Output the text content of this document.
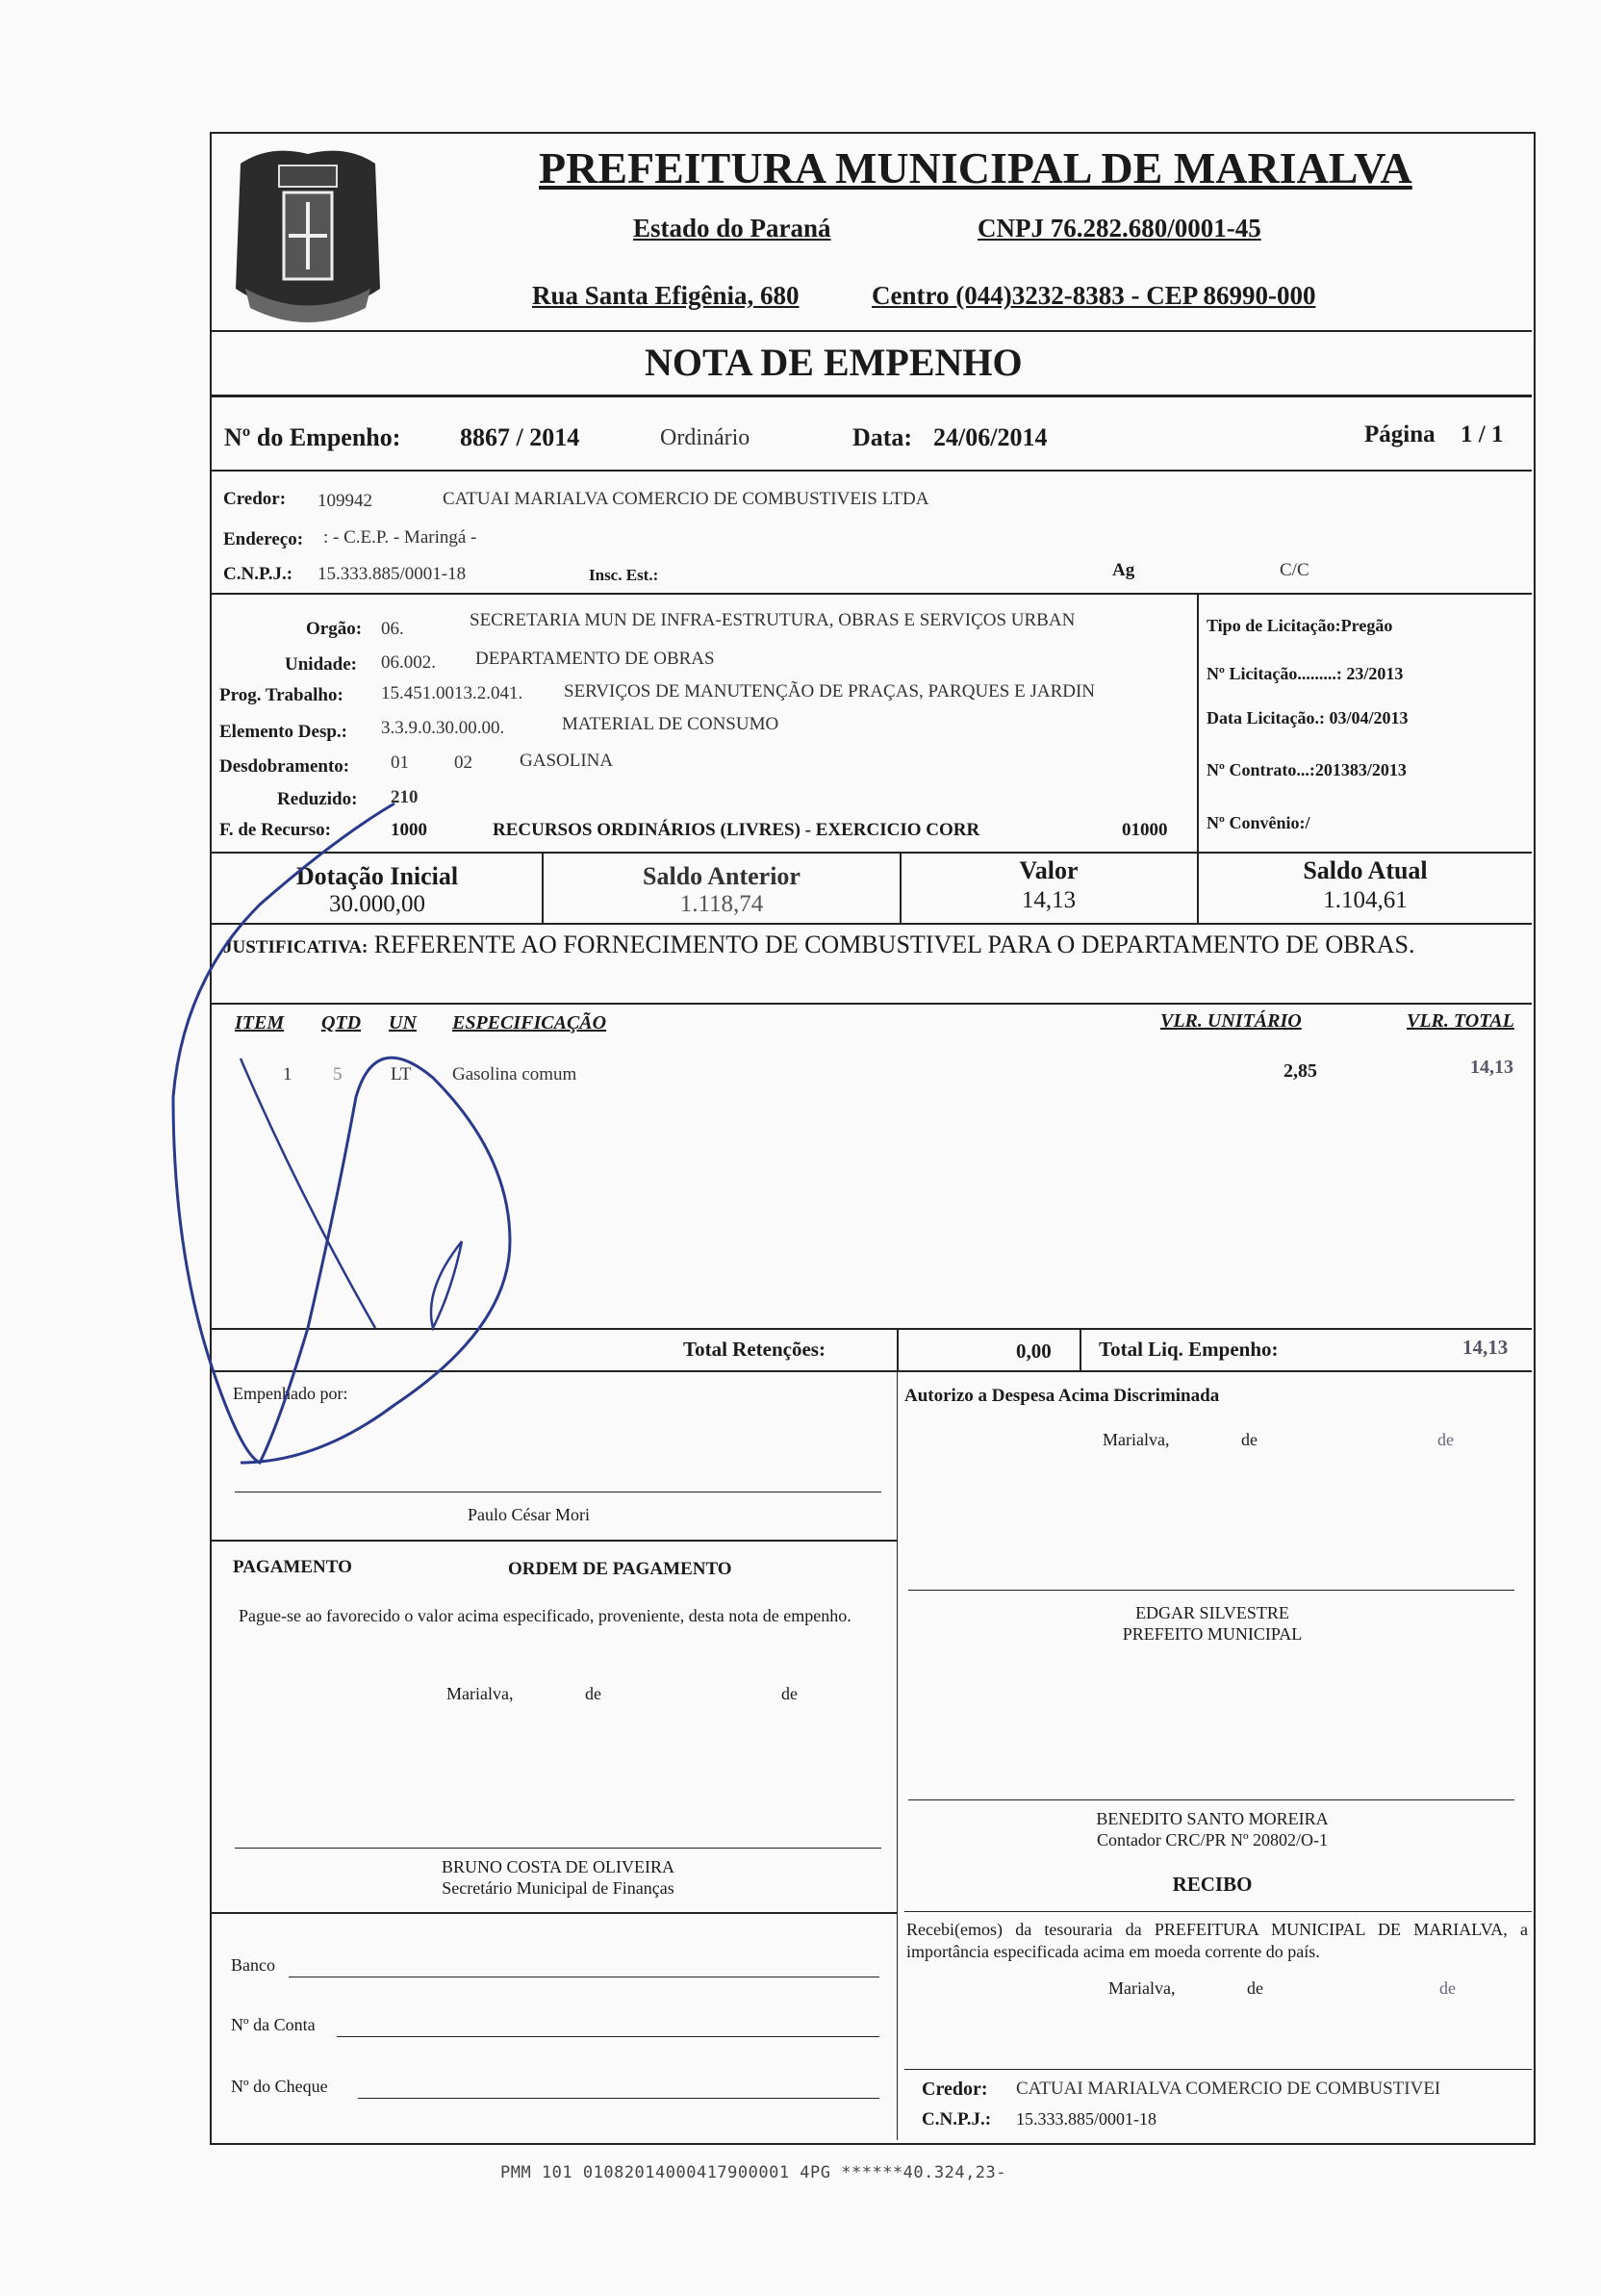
PREFEITURA MUNICIPAL DE MARIALVA
Estado do Paraná	CNPJ 76.282.680/0001-45
Rua Santa Efigênia, 680	Centro (044)3232-8383 - CEP 86990-000
NOTA DE EMPENHO
Nº do Empenho: 8867 / 2014	Ordinário	Data: 24/06/2014	Página 1 / 1
Credor: 109942	CATUAI MARIALVA COMERCIO DE COMBUSTIVEIS LTDA
Endereço: : - C.E.P. - Maringá -
C.N.P.J.: 15.333.885/0001-18	Insc. Est.:	Ag	C/C
Orgão: 06.	SECRETARIA MUN DE INFRA-ESTRUTURA, OBRAS E SERVIÇOS URBAN
Unidade: 06.002. DEPARTAMENTO DE OBRAS
Prog. Trabalho: 15.451.0013.2.041. SERVIÇOS DE MANUTENÇÃO DE PRAÇAS, PARQUES E JARDIN
Elemento Desp.: 3.3.9.0.30.00.00.	MATERIAL DE CONSUMO
Desdobramento: 01 02	GASOLINA
Reduzido: 210
F. de Recurso:	1000	RECURSOS ORDINÁRIOS (LIVRES) - EXERCICIO CORR	01000
Tipo de Licitação:Pregão
Nº Licitação.........: 23/2013
Data Licitação.: 03/04/2013
Nº Contrato...:201383/2013
Nº Convênio:/
Dotação Inicial
30.000,00
Saldo Anterior
1.118,74
Valor
14,13
Saldo Atual
1.104,61
JUSTIFICATIVA: REFERENTE AO FORNECIMENTO DE COMBUSTIVEL PARA O DEPARTAMENTO DE OBRAS.
ITEM QTD UN ESPECIFICAÇÃO	VLR. UNITÁRIO	VLR. TOTAL
1 5	LT Gasolina comum	2,85	14,13
Total Retenções:	0,00 Total Liq. Empenho:	14,13
Empenhado por:
Paulo César Mori
Autorizo a Despesa Acima Discriminada
Marialva,	de	de
PAGAMENTO	ORDEM DE PAGAMENTO
Pague-se ao favorecido o valor acima especificado, proveniente, desta nota de empenho.
Marialva,	de	de
EDGAR SILVESTRE
PREFEITO MUNICIPAL
BENEDITO SANTO MOREIRA
Contador CRC/PR Nº 20802/O-1
BRUNO COSTA DE OLIVEIRA
Secretário Municipal de Finanças	RECIBO
Recebi(emos) da tesouraria da PREFEITURA MUNICIPAL DE MARIALVA, a importância especificada acima em moeda corrente do país.
Marialva,	de	de
Banco
Nº da Conta
Nº do Cheque	Credor: CATUAI MARIALVA COMERCIO DE COMBUSTIVEI
C.N.P.J.: 15.333.885/0001-18
PMM 101 01082014000417900001 4PG ******40.324,23-
